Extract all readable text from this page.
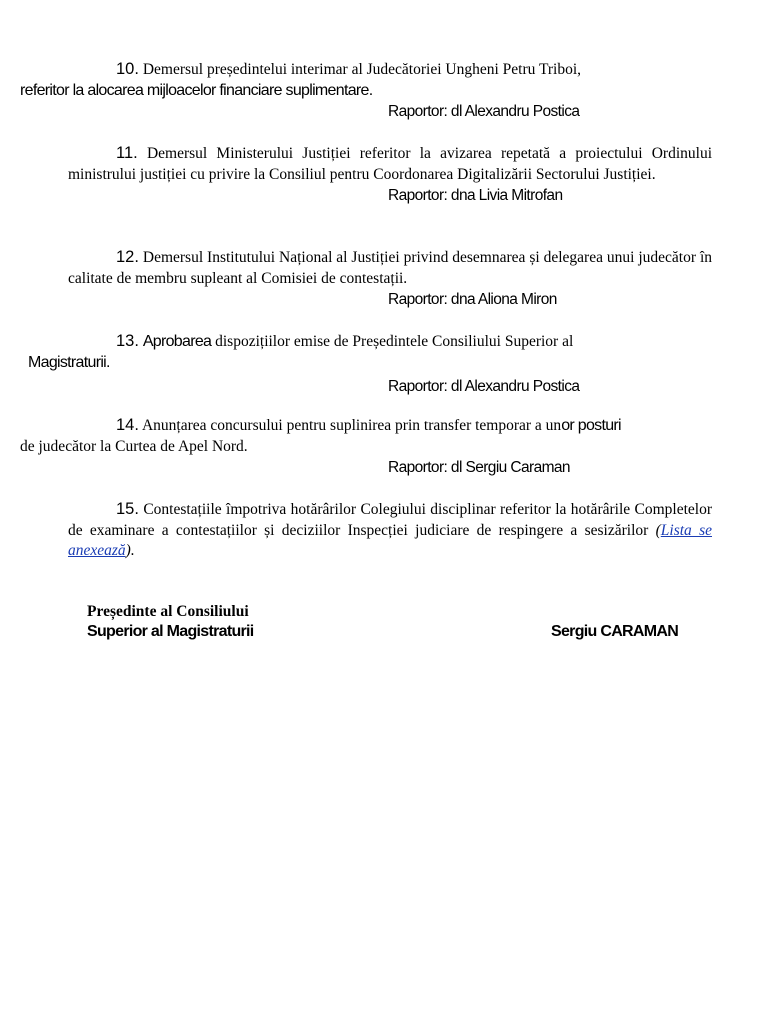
10. Demersul președintelui interimar al Judecătoriei Ungheni Petru Triboi,
referitor la alocarea mijloacelor financiare suplimentare.

Raportor: dl Alexandru Postica

11. Demersul Ministerului Justiției referitor la avizarea repetată a proiectului Ordinului ministrului justiției cu privire la Consiliul pentru Coordonarea Digitalizării Sectorului Justiției.

Raportor: dna Livia Mitrofan

12. Demersul Institutului Național al Justiției privind desemnarea și delegarea unui judecător în calitate de membru supleant al Comisiei de contestații.

Raportor: dna Aliona Miron

13. Aprobarea dispozițiilor emise de Președintele Consiliului Superior al
Magistraturii.

Raportor: dl Alexandru Postica

14. Anunțarea concursului pentru suplinirea prin transfer temporar a unor posturi
de judecător la Curtea de Apel Nord.

Raportor: dl Sergiu Caraman

15. Contestațiile împotriva hotărârilor Colegiului disciplinar referitor la hotărârile Completelor de examinare a contestațiilor și deciziilor Inspecției judiciare de respingere a sesizărilor (Lista se anexează).

Președinte al Consiliului
Superior al Magistraturii	Sergiu CARAMAN
